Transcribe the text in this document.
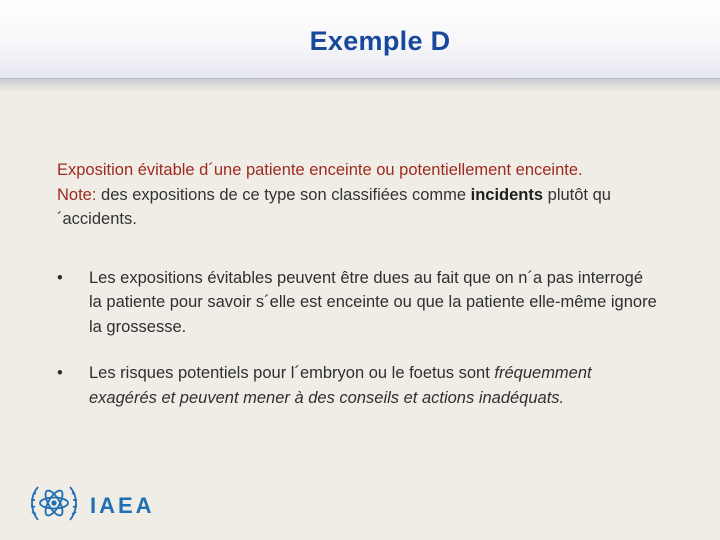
Exemple D
Exposition évitable d´une patiente enceinte ou potentiellement enceinte.
Note: des expositions de ce type son classifiées comme incidents plutôt qu´accidents.
• Les expositions évitables peuvent être dues au fait que on n´a pas interrogé la patiente pour savoir s´elle est enceinte ou que la patiente elle-même ignore la grossesse.
• Les risques potentiels pour l´embryon ou le foetus sont fréquemment exagérés et peuvent mener à des conseils et actions inadéquats.
IAEA
